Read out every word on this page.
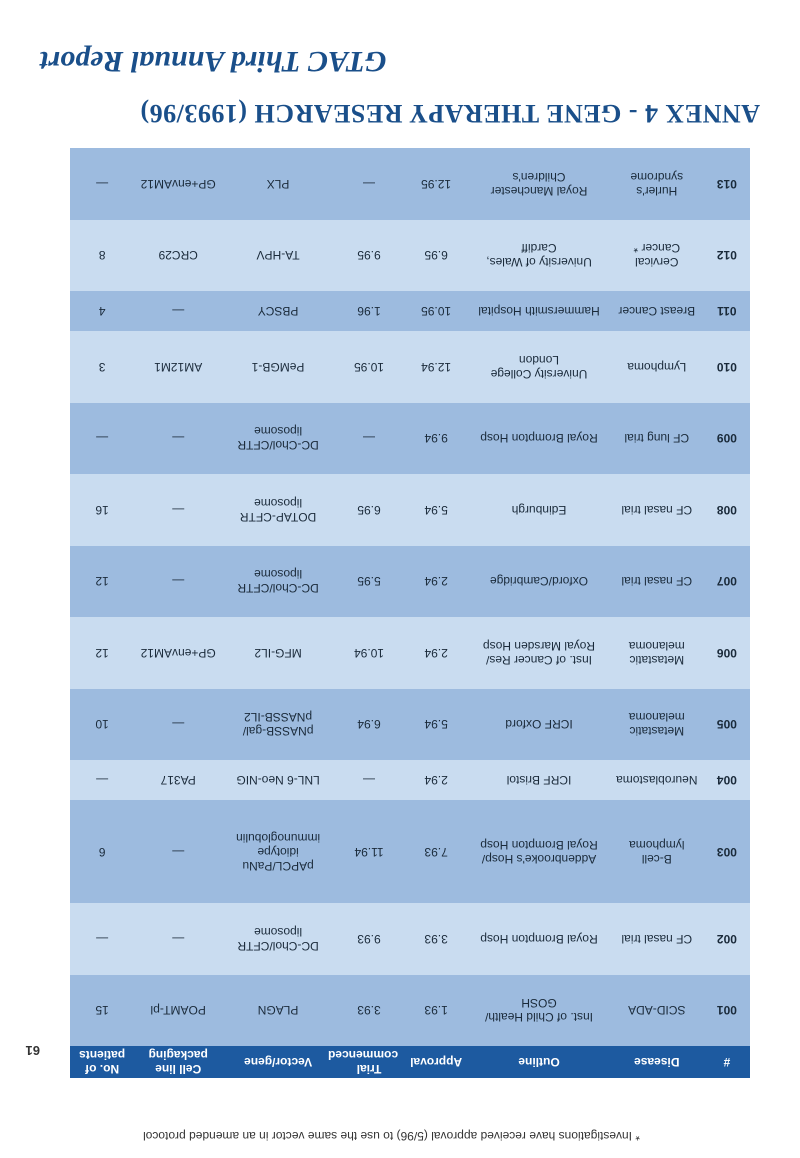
GTAC Third Annual Report
ANNEX 4 - GENE THERAPY RESEARCH (1993/96)
#	Disease	Outline	Approval	Trial commenced	Vector/gene	Cell line packaging	No. of patients
001	SCID-ADA	Inst. of Child Health/ GOSH	1.93	3.93	PLAGN	POAMT-pl	15
002	CF nasal trial	Royal Brompton Hosp	3.93	9.93	DC-Chol/CFTR liposome	—	—
003	B-cell lymphoma	Addenbrooke's Hosp/ Royal Brompton Hosp	7.93	11.94	pAPCL/PaNu idiotype immunoglobulin	—	6
004	Neuroblastoma	ICRF Bristol	2.94	—	LNL-6 Neo-NIG	PA317	—
005	Metastatic melanoma	ICRF Oxford	5.94	6.94	pNASSB-gal/ pNASSB-IL2	—	10
006	Metastatic melanoma	Inst. of Cancer Res/ Royal Marsden Hosp	2.94	10.94	MFG-IL2	GP+envAM12	12
007	CF nasal trial	Oxford/Cambridge	2.94	5.95	DC-Chol/CFTR liposome	—	12
008	CF nasal trial	Edinburgh	5.94	6.95	DOTAP-CFTR liposome	—	16
009	CF lung trial	Royal Brompton Hosp	9.94	—	DC-Chol/CFTR liposome	—	—
010	Lymphoma	University College London	12.94	10.95	PeMGB-1	AM12M1	3
011	Breast Cancer	Hammersmith Hospital	10.95	1.96	PBSCY	—	4
012	Cervical Cancer *	University of Wales, Cardiff	6.95	9.95	TA-HPV	CRC29	8
013	Hurler's syndrome	Royal Manchester Children's	12.95	—	PLX	GP+envAM12	—
* Investigations have received approval (5/96) to use the same vector in an amended protocol
61
